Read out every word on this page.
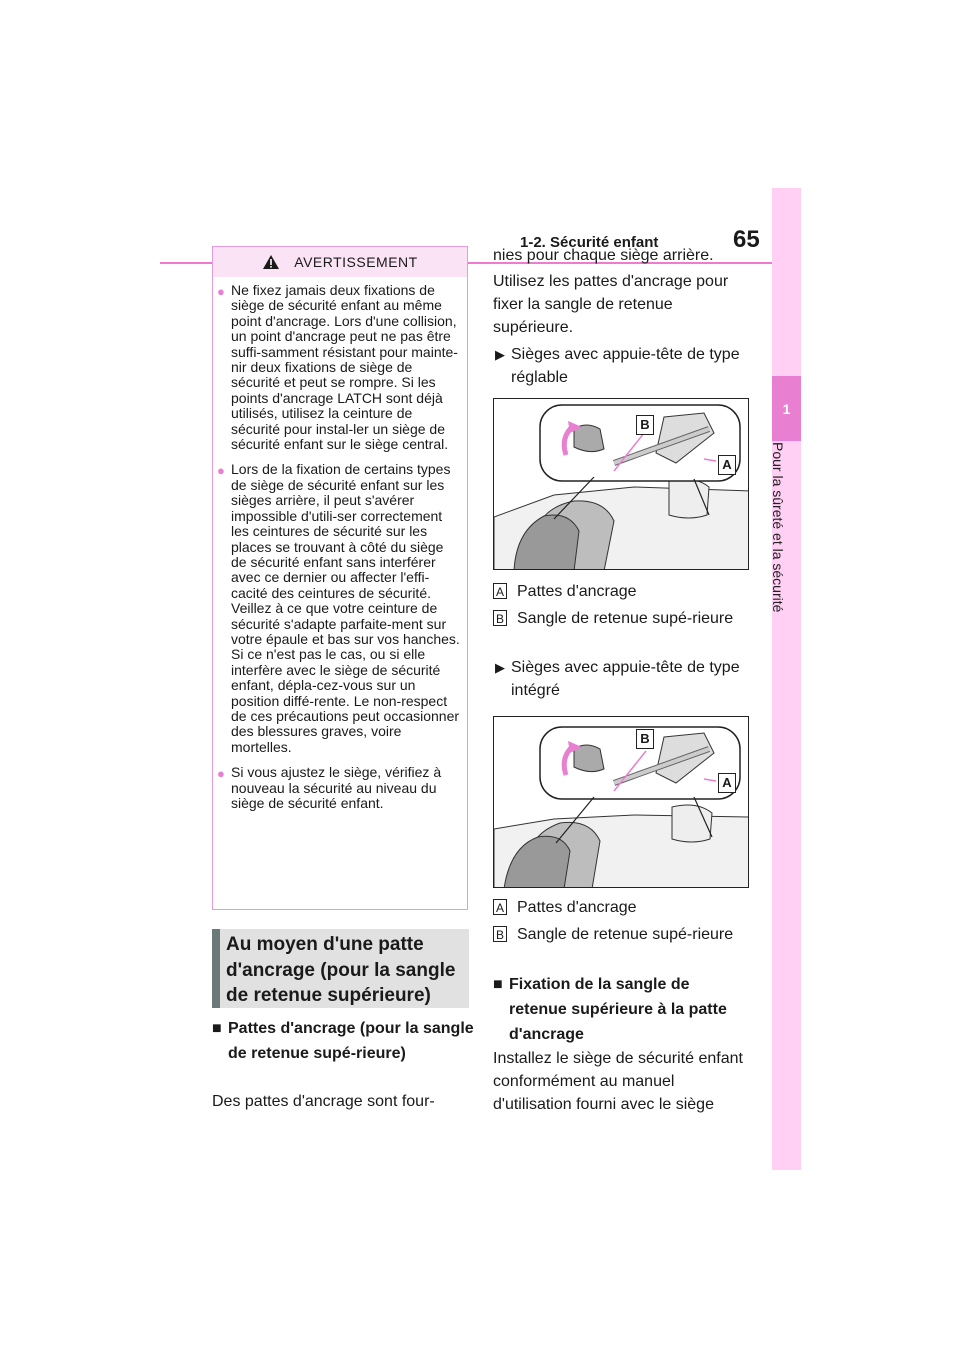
1-2. Sécurité enfant	65
1
Pour la sûreté et la sécurité
AVERTISSEMENT
● Ne fixez jamais deux fixations de siège de sécurité enfant au même point d'ancrage. Lors d'une collision, un point d'ancrage peut ne pas être suffi-samment résistant pour mainte-nir deux fixations de siège de sécurité et peut se rompre. Si les points d'ancrage LATCH sont déjà utilisés, utilisez la ceinture de sécurité pour instal-ler un siège de sécurité enfant sur le siège central.
● Lors de la fixation de certains types de siège de sécurité enfant sur les sièges arrière, il peut s'avérer impossible d'utili-ser correctement les ceintures de sécurité sur les places se trouvant à côté du siège de sécurité enfant sans interférer avec ce dernier ou affecter l'effi-cacité des ceintures de sécurité. Veillez à ce que votre ceinture de sécurité s'adapte parfaite-ment sur votre épaule et bas sur vos hanches. Si ce n'est pas le cas, ou si elle interfère avec le siège de sécurité enfant, dépla-cez-vous sur un position diffé-rente. Le non-respect de ces précautions peut occasionner des blessures graves, voire mortelles.
● Si vous ajustez le siège, vérifiez à nouveau la sécurité au niveau du siège de sécurité enfant.
Au moyen d'une patte d'ancrage (pour la sangle de retenue supérieure)
■ Pattes d'ancrage (pour la sangle de retenue supé-rieure)
Des pattes d'ancrage sont four-
nies pour chaque siège arrière.
Utilisez les pattes d'ancrage pour fixer la sangle de retenue supérieure.
▶ Sièges avec appuie-tête de type réglable
B
A
A Pattes d'ancrage
B Sangle de retenue supé-rieure
▶ Sièges avec appuie-tête de type intégré
B
A
A Pattes d'ancrage
B Sangle de retenue supé-rieure
■ Fixation de la sangle de retenue supérieure à la patte d'ancrage
Installez le siège de sécurité enfant conformément au manuel d'utilisation fourni avec le siège
